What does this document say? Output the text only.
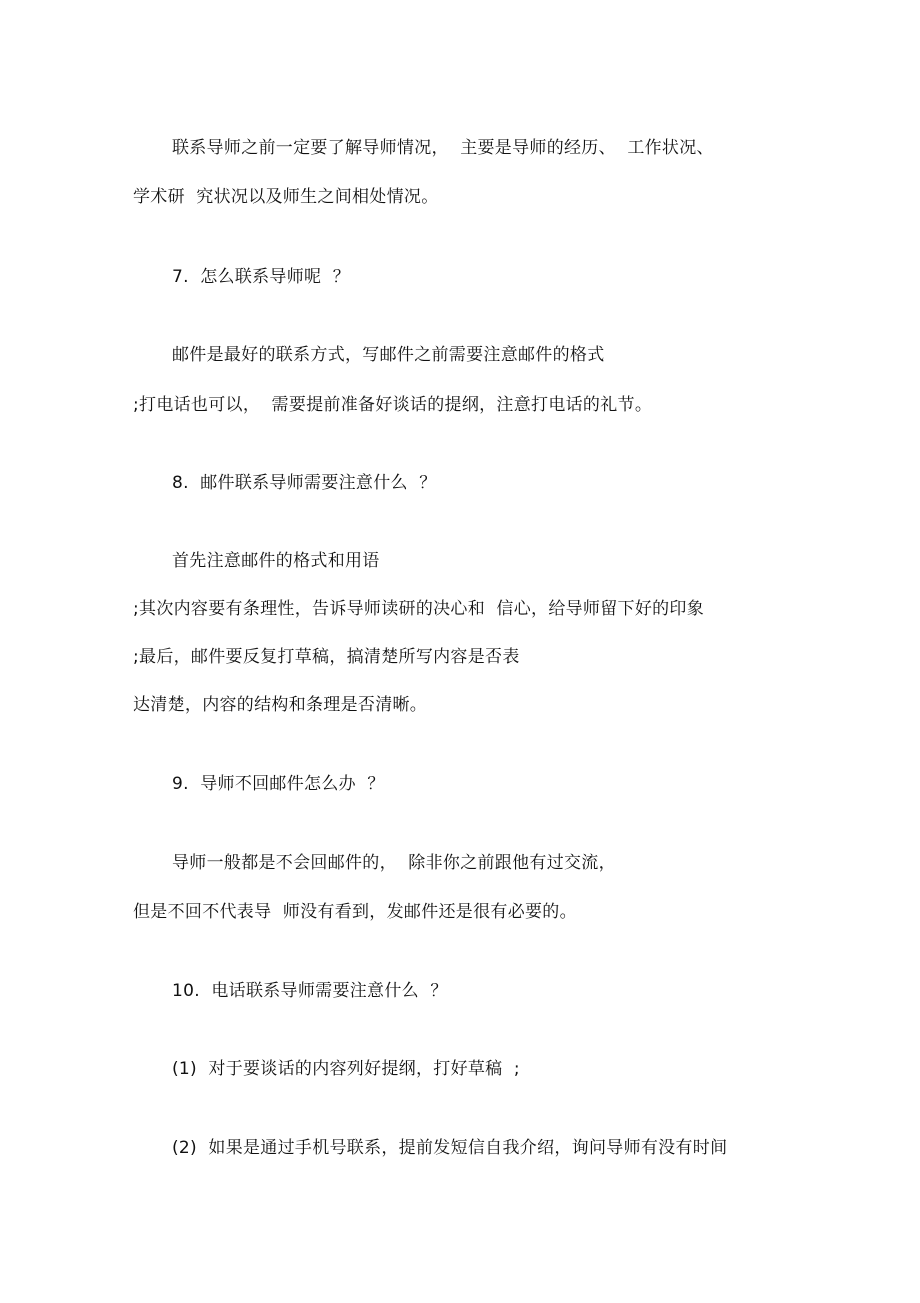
联系导师之前一定要了解导师情况，  主要是导师的经历、  工作状况、
学术研  究状况以及师生之间相处情况。
7.  怎么联系导师呢  ？
邮件是最好的联系方式，写邮件之前需要注意邮件的格式
;打电话也可以，  需要提前准备好谈话的提纲，注意打电话的礼节。
8.  邮件联系导师需要注意什么  ？
首先注意邮件的格式和用语
;其次内容要有条理性，告诉导师读研的决心和  信心，给导师留下好的印象
;最后，邮件要反复打草稿，搞清楚所写内容是否表
达清楚，内容的结构和条理是否清晰。
9.  导师不回邮件怎么办  ？
导师一般都是不会回邮件的，  除非你之前跟他有过交流，
但是不回不代表导  师没有看到，发邮件还是很有必要的。
10.  电话联系导师需要注意什么  ？
(1)  对于要谈话的内容列好提纲，打好草稿  ;
(2)  如果是通过手机号联系，提前发短信自我介绍，询问导师有没有时间
